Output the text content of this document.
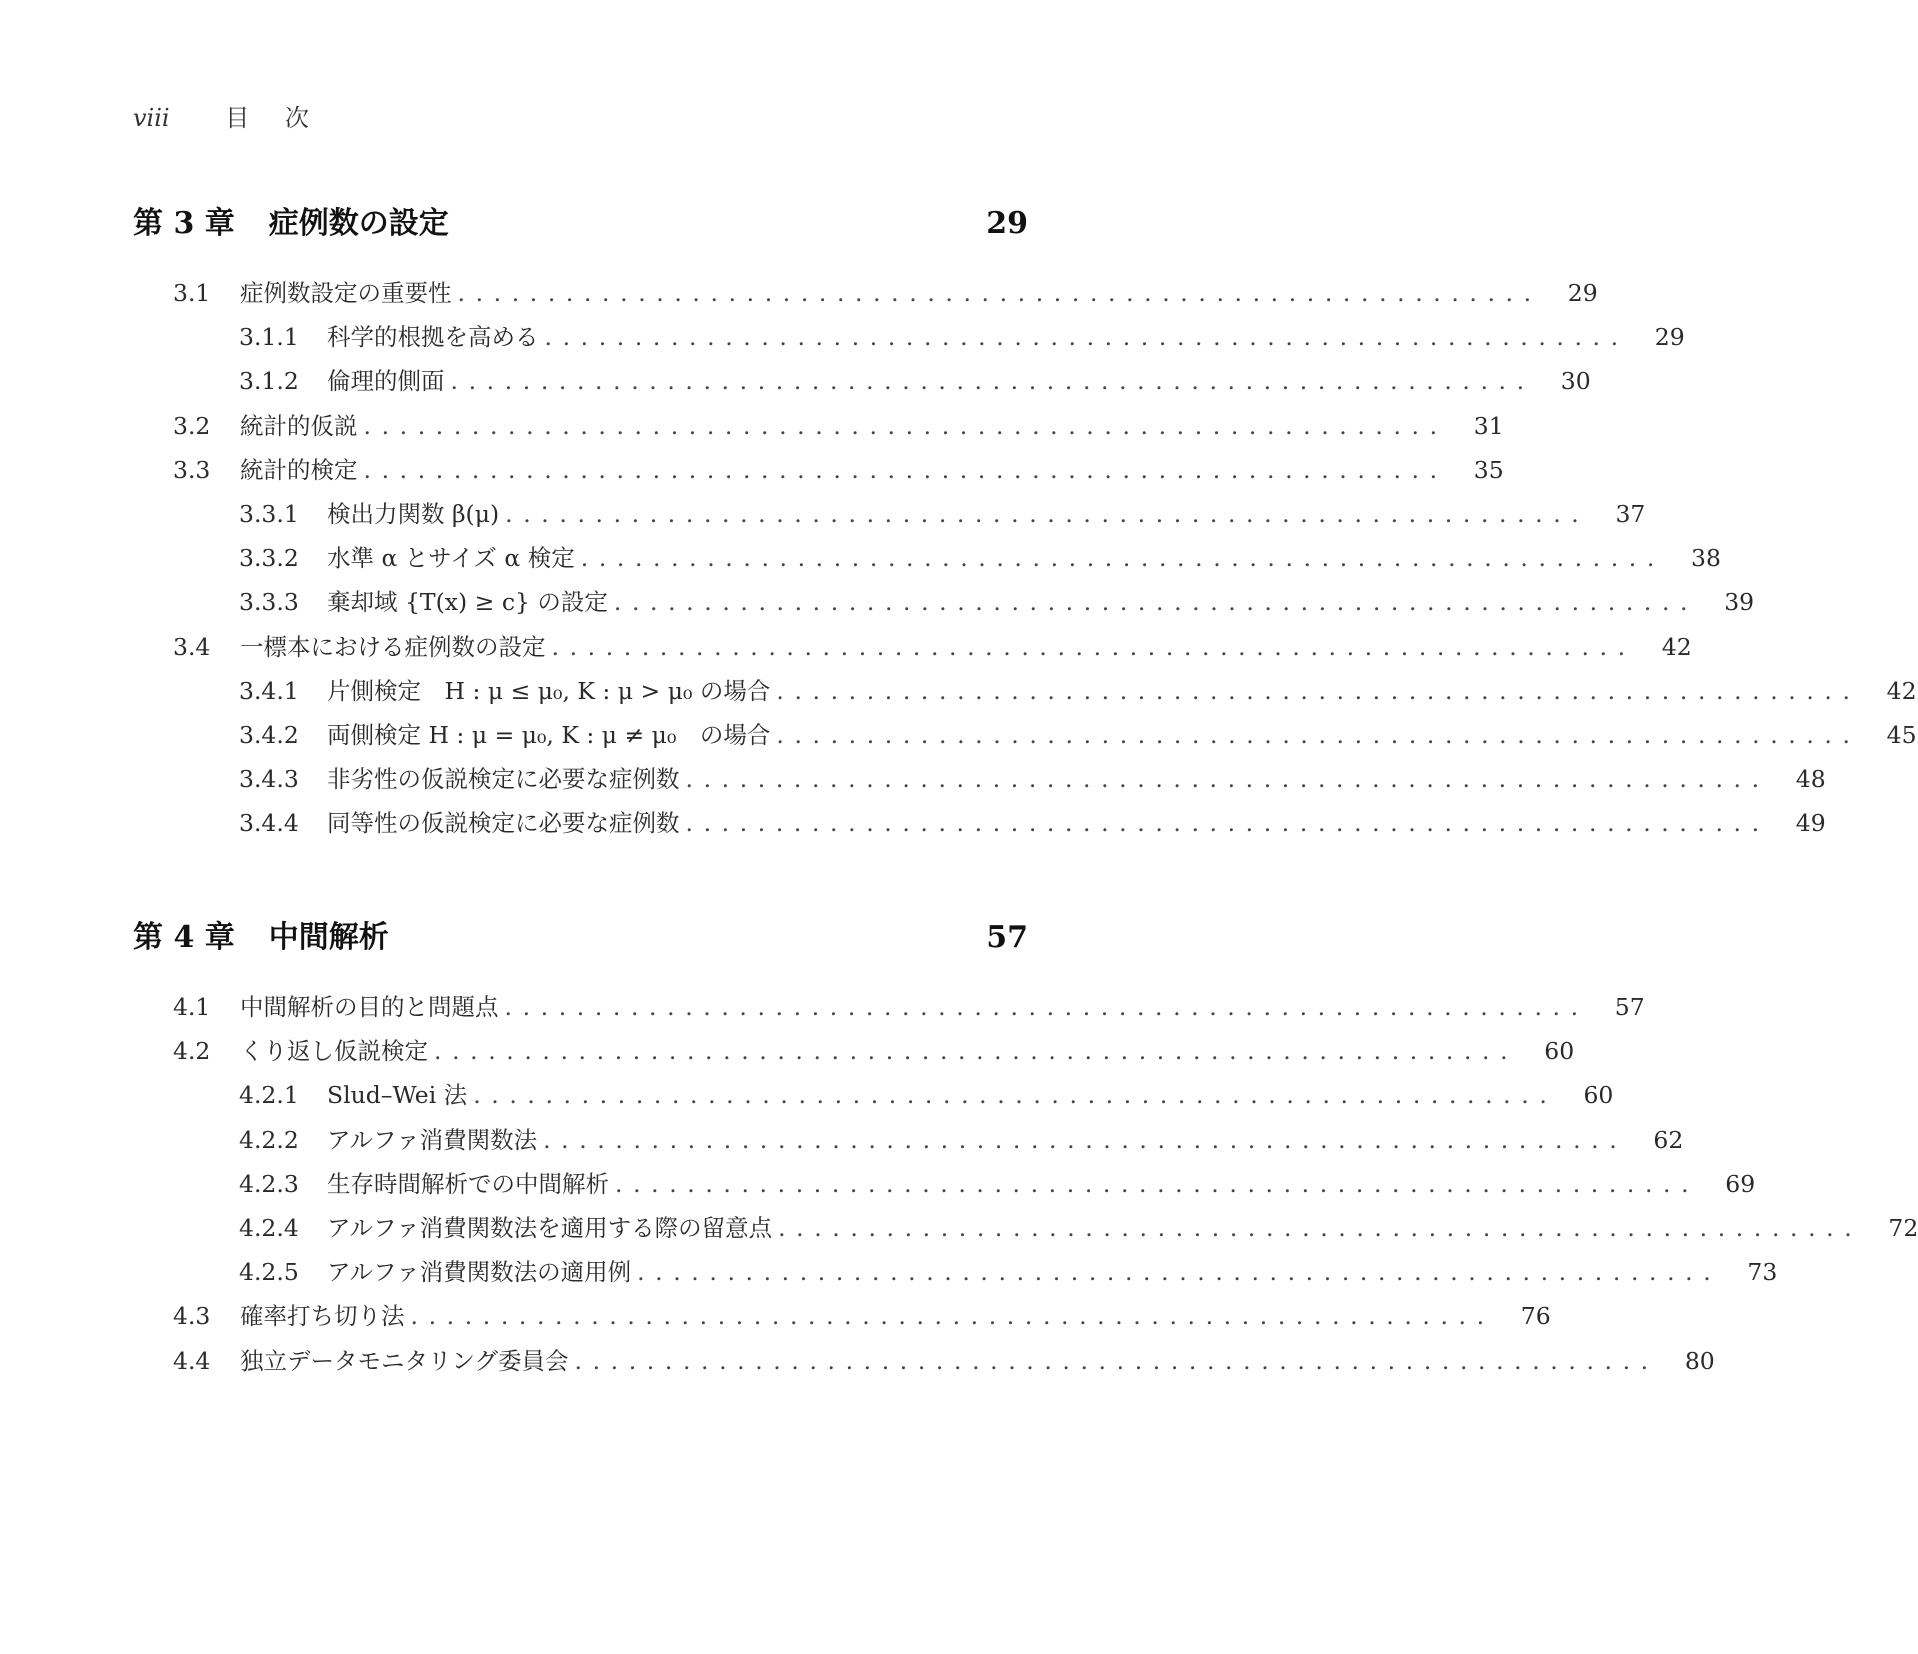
viii 目 次
第 3 章 症例数の設定	29
3.1	症例数設定の重要性 ............................................................	29
3.1.1	科学的根拠を高める ............................................................	29
3.1.2	倫理的側面 ............................................................	30
3.2	統計的仮説 ............................................................	31
3.3	統計的検定 ............................................................	35
3.3.1	検出力関数 β(μ) ............................................................	37
3.3.2	水準 α とサイズ α 検定 ............................................................	38
3.3.3	棄却域 {T(x) ≥ c} の設定 ............................................................	39
3.4	一標本における症例数の設定 ............................................................	42
3.4.1	片側検定　H : μ ≤ μ₀, K : μ > μ₀ の場合 ............................................................	42
3.4.2	両側検定 H : μ = μ₀, K : μ ≠ μ₀　の場合 ............................................................	45
3.4.3	非劣性の仮説検定に必要な症例数 ............................................................	48
3.4.4	同等性の仮説検定に必要な症例数 ............................................................	49
第 4 章 中間解析	57
4.1	中間解析の目的と問題点 ............................................................	57
4.2	くり返し仮説検定 ............................................................	60
4.2.1	Slud–Wei 法 ............................................................	60
4.2.2	アルファ消費関数法 ............................................................	62
4.2.3	生存時間解析での中間解析 ............................................................	69
4.2.4	アルファ消費関数法を適用する際の留意点 ............................................................	72
4.2.5	アルファ消費関数法の適用例 ............................................................	73
4.3	確率打ち切り法 ............................................................	76
4.4	独立データモニタリング委員会 ............................................................	80
